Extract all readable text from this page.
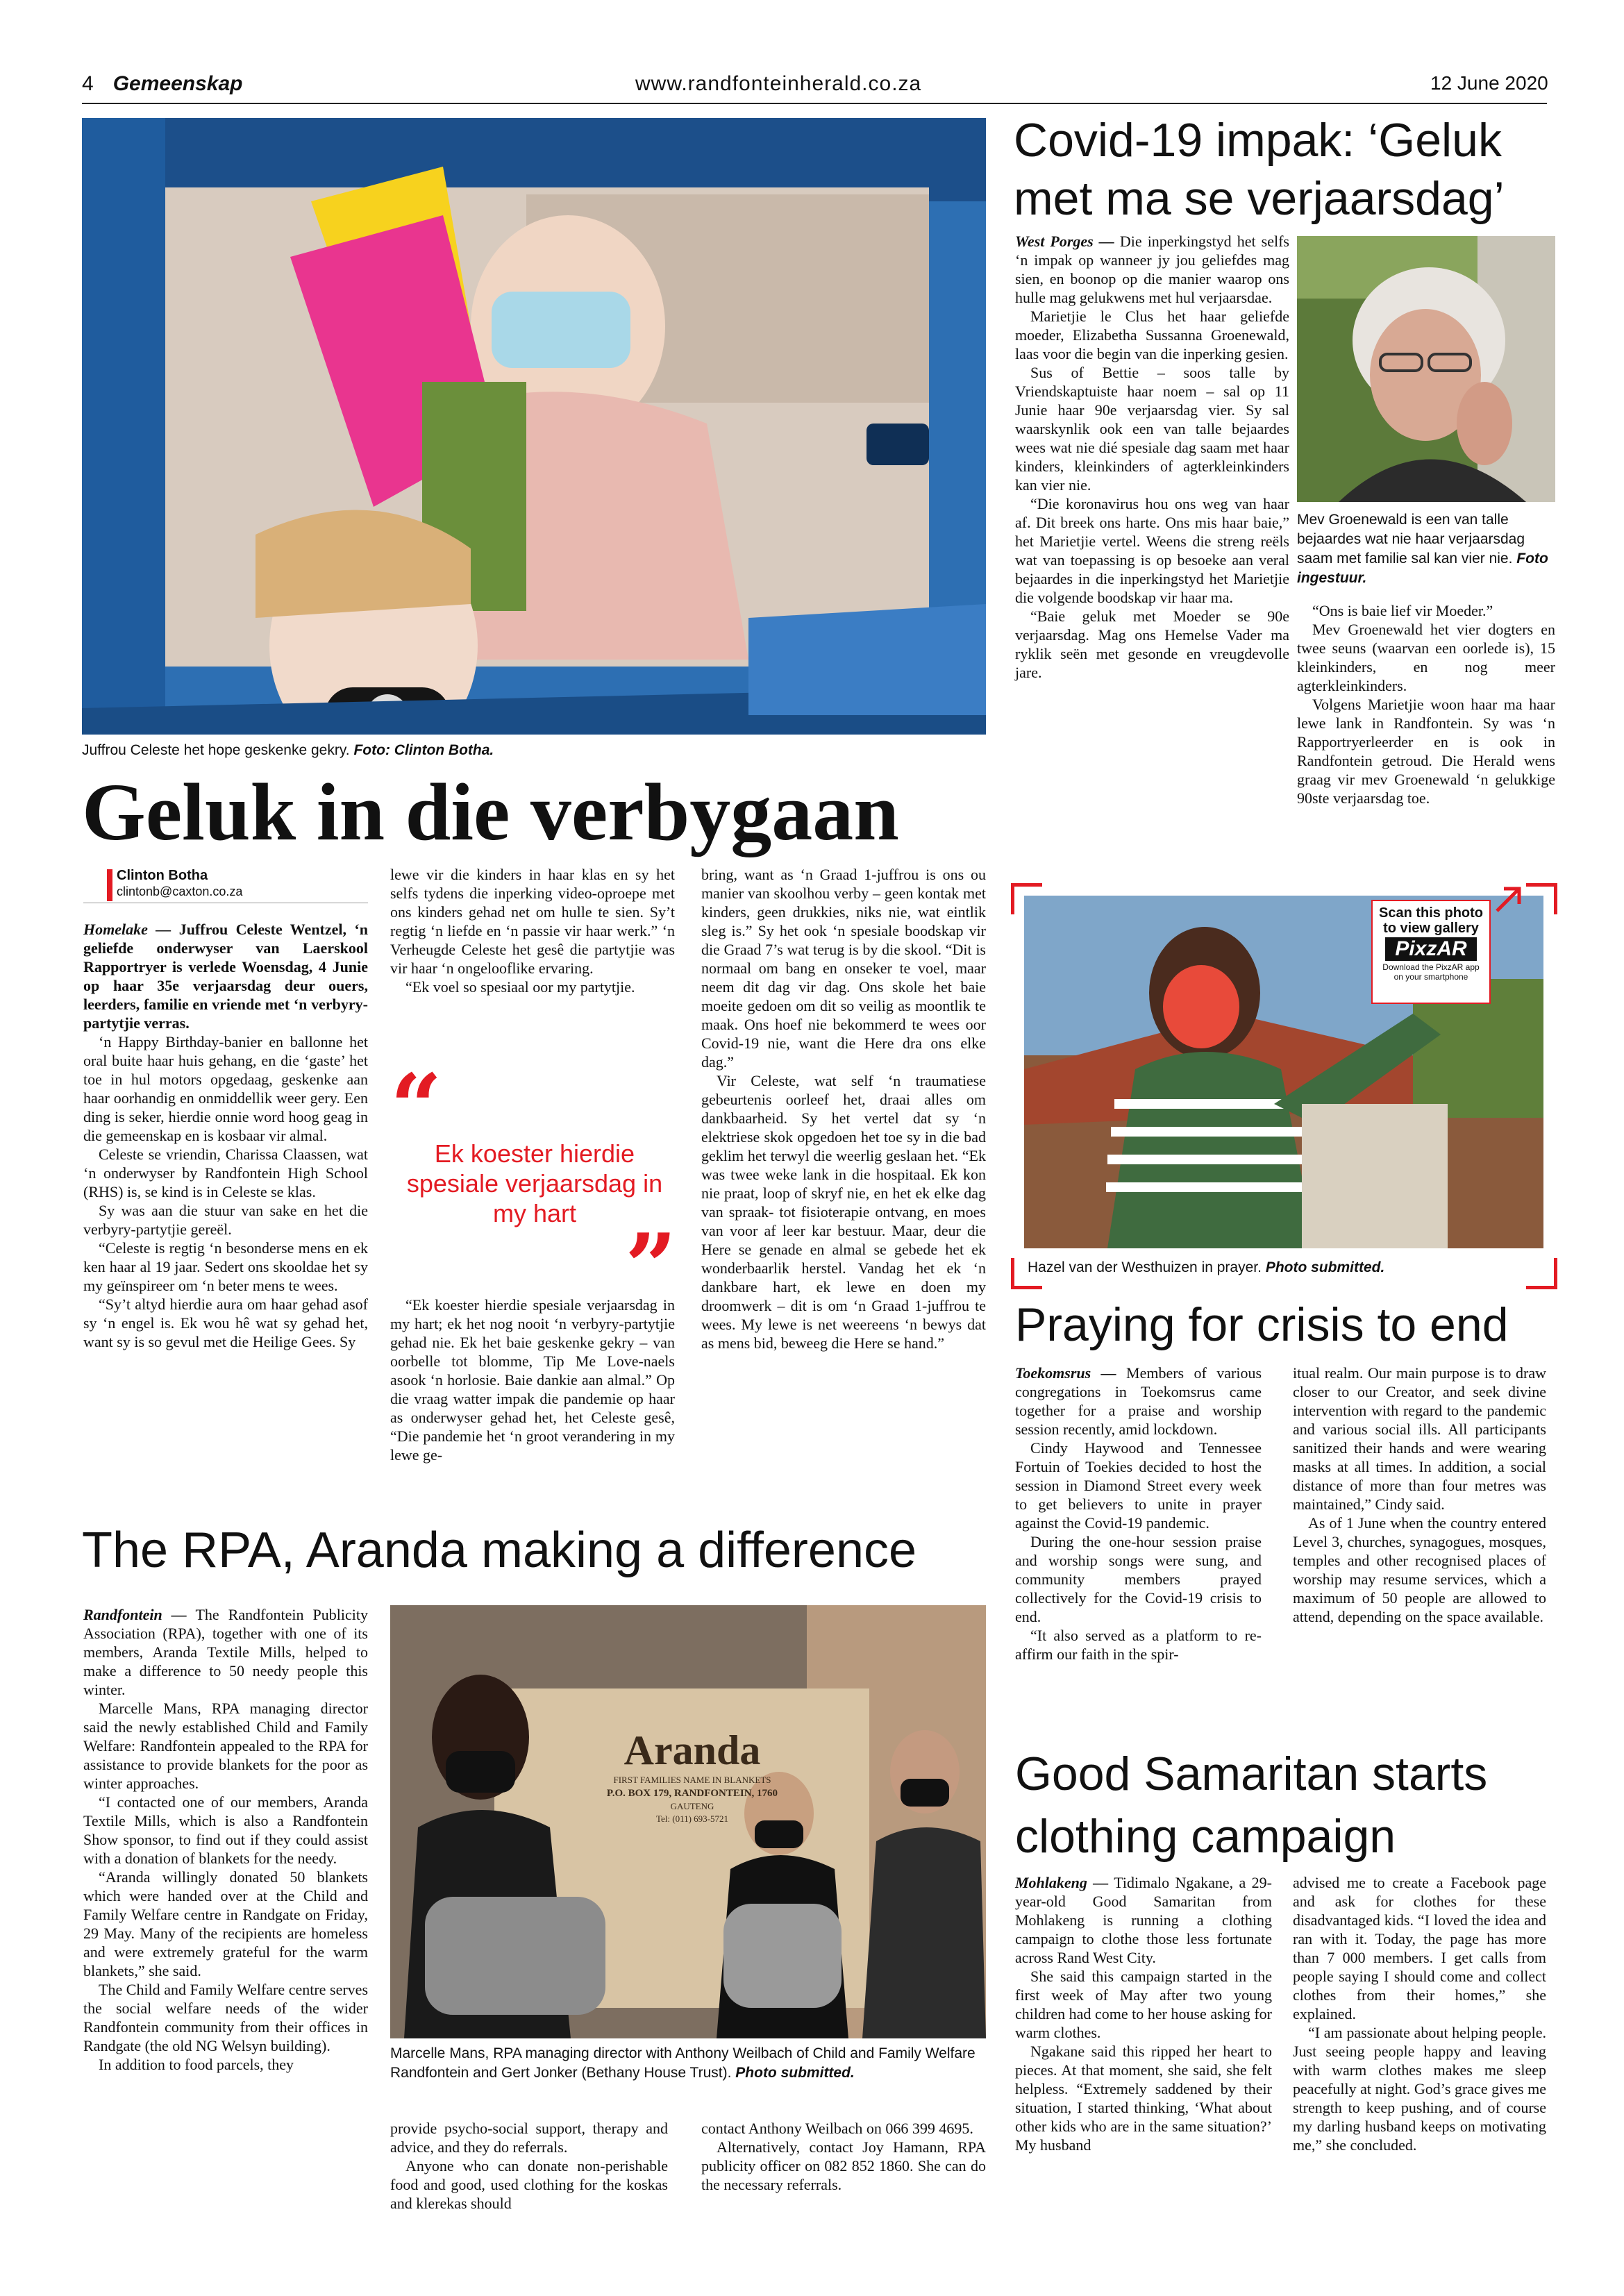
4 Gemeenskap	www.randfonteinherald.co.za	12 June 2020
Juffrou Celeste het hope geskenke gekry. Foto: Clinton Botha.
Geluk in die verbygaan
Clinton Botha
clintonb@caxton.co.za

Homelake — Juffrou Celeste Wentzel, ‘n geliefde onderwyser van Laerskool Rapportryer is verlede Woensdag, 4 Junie op haar 35e verjaarsdag deur ouers, leerders, familie en vriende met ‘n verbyry-partytjie verras.

‘n Happy Birthday-banier en ballonne het oral buite haar huis gehang, en die ‘gaste’ het toe in hul motors opgedaag, geskenke aan haar oorhandig en onmiddellik weer gery. Een ding is seker, hierdie onnie word hoog geag in die gemeenskap en is kosbaar vir almal.

Celeste se vriendin, Charissa Claassen, wat ‘n onderwyser by Randfontein High School (RHS) is, se kind is in Celeste se klas.

Sy was aan die stuur van sake en het die verbyry-partytjie gereël.

“Celeste is regtig ‘n besonderse mens en ek ken haar al 19 jaar. Sedert ons skooldae het sy my geïnspireer om ‘n beter mens te wees.

“Sy’t altyd hierdie aura om haar gehad asof sy ‘n engel is. Ek wou hê wat sy gehad het, want sy is so gevul met die Heilige Gees. Sy

lewe vir die kinders in haar klas en sy het selfs tydens die inperking video-oproepe met ons kinders gehad net om hulle te sien. Sy’t regtig ‘n liefde en ‘n passie vir haar werk.” ‘n Verheugde Celeste het gesê die partytjie was vir haar ‘n ongelooflike ervaring.

“Ek voel so spesiaal oor my partytjie.

“
Ek koester hierdie spesiale verjaarsdag in my hart
”

“Ek koester hierdie spesiale verjaarsdag in my hart; ek het nog nooit ‘n verbyry-partytjie gehad nie. Ek het baie geskenke gekry – van oorbelle tot blomme, Tip Me Love-naels asook ‘n horlosie. Baie dankie aan almal.” Op die vraag watter impak die pandemie op haar as onderwyser gehad het, het Celeste gesê, “Die pandemie het ‘n groot verandering in my lewe ge-

bring, want as ‘n Graad 1-juffrou is ons ou manier van skoolhou verby – geen kontak met kinders, geen drukkies, niks nie, wat eintlik sleg is.” Sy het ook ‘n spesiale boodskap vir die Graad 7’s wat terug is by die skool. “Dit is normaal om bang en onseker te voel, maar neem dit dag vir dag. Ons skole het baie moeite gedoen om dit so veilig as moontlik te maak. Ons hoef nie bekommerd te wees oor Covid-19 nie, want die Here dra ons elke dag.”

Vir Celeste, wat self ‘n traumatiese gebeurtenis oorleef het, draai alles om dankbaarheid. Sy het vertel dat sy ‘n elektriese skok opgedoen het toe sy in die bad geklim het terwyl die weerlig geslaan het. “Ek was twee weke lank in die hospitaal. Ek kon nie praat, loop of skryf nie, en het ek elke dag van spraak- tot fisioterapie ontvang, en moes van voor af leer kar bestuur. Maar, deur die Here se genade en almal se gebede het ek wonderbaarlik herstel. Vandag het ek ‘n dankbare hart, ek lewe en doen my droomwerk – dit is om ‘n Graad 1-juffrou te wees. My lewe is net weereens ‘n bewys dat as mens bid, beweeg die Here se hand.”

Covid-19 impak: ‘Geluk met ma se verjaarsdag’

West Porges — Die inperkingstyd het selfs ‘n impak op wanneer jy jou geliefdes mag sien, en boonop op die manier waarop ons hulle mag gelukwens met hul verjaarsdae.

Marietjie le Clus het haar geliefde moeder, Elizabetha Sussanna Groenewald, laas voor die begin van die inperking gesien.

Sus of Bettie – soos talle by Vriendskaptuiste haar noem – sal op 11 Junie haar 90e verjaarsdag vier. Sy sal waarskynlik ook een van talle bejaardes wees wat nie dié spesiale dag saam met haar kinders, kleinkinders of agterkleinkinders kan vier nie.

“Die koronavirus hou ons weg van haar af. Dit breek ons harte. Ons mis haar baie,” het Marietjie vertel. Weens die streng reëls wat van toepassing is op besoeke aan veral bejaardes in die inperkingstyd het Marietjie die volgende boodskap vir haar ma.

“Baie geluk met Moeder se 90e verjaarsdag. Mag ons Hemelse Vader ma ryklik seën met gesonde en vreugdevolle jare.

Mev Groenewald is een van talle bejaardes wat nie haar verjaarsdag saam met familie sal kan vier nie. Foto ingestuur.

“Ons is baie lief vir Moeder.”

Mev Groenewald het vier dogters en twee seuns (waarvan een oorlede is), 15 kleinkinders, en nog meer agterkleinkinders.

Volgens Marietjie woon haar ma haar lewe lank in Randfontein. Sy was ‘n Rapportryerleerder en is ook in Randfontein getroud. Die Herald wens graag vir mev Groenewald ‘n gelukkige 90ste verjaarsdag toe.

Scan this photo to view gallery
PixzAR
Download the PixzAR app on your smartphone
Hazel van der Westhuizen in prayer. Photo submitted.
Praying for crisis to end

Toekomsrus — Members of various congregations in Toekomsrus came together for a praise and worship session recently, amid lockdown.

Cindy Haywood and Tennessee Fortuin of Toekies decided to host the session in Diamond Street every week to get believers to unite in prayer against the Covid-19 pandemic.

During the one-hour session praise and worship songs were sung, and community members prayed collectively for the Covid-19 crisis to end.

“It also served as a platform to re-affirm our faith in the spir-

itual realm. Our main purpose is to draw closer to our Creator, and seek divine intervention with regard to the pandemic and various social ills. All participants sanitized their hands and were wearing masks at all times. In addition, a social distance of more than four metres was maintained,” Cindy said.

As of 1 June when the country entered Level 3, churches, synagogues, mosques, temples and other recognised places of worship may resume services, which a maximum of 50 people are allowed to attend, depending on the space available.

The RPA, Aranda making a difference

Randfontein — The Randfontein Publicity Association (RPA), together with one of its members, Aranda Textile Mills, helped to make a difference to 50 needy people this winter.

Marcelle Mans, RPA managing director said the newly established Child and Family Welfare: Randfontein appealed to the RPA for assistance to provide blankets for the poor as winter approaches.

“I contacted one of our members, Aranda Textile Mills, which is also a Randfontein Show sponsor, to find out if they could assist with a donation of blankets for the needy.

“Aranda willingly donated 50 blankets which were handed over at the Child and Family Welfare centre in Randgate on Friday, 29 May. Many of the recipients are homeless and were extremely grateful for the warm blankets,” she said.

The Child and Family Welfare centre serves the social welfare needs of the wider Randfontein community from their offices in Randgate (the old NG Welsyn building).

In addition to food parcels, they

Aranda
FIRST FAMILIES NAME IN BLANKETS
P.O. BOX 179, RANDFONTEIN, 1760
GAUTENG
Tel: (011) 693-5721
Marcelle Mans, RPA managing director with Anthony Weilbach of Child and Family Welfare Randfontein and Gert Jonker (Bethany House Trust). Photo submitted.

provide psycho-social support, therapy and advice, and they do referrals.

Anyone who can donate non-perishable food and good, used clothing for the koskas and klerekas should

contact Anthony Weilbach on 066 399 4695.

Alternatively, contact Joy Hamann, RPA publicity officer on 082 852 1860. She can do the necessary referrals.

Good Samaritan starts clothing campaign

Mohlakeng — Tidimalo Ngakane, a 29-year-old Good Samaritan from Mohlakeng is running a clothing campaign to clothe those less fortunate across Rand West City.

She said this campaign started in the first week of May after two young children had come to her house asking for warm clothes.

Ngakane said this ripped her heart to pieces. At that moment, she said, she felt helpless. “Extremely saddened by their situation, I started thinking, ‘What about other kids who are in the same situation?’ My husband

advised me to create a Facebook page and ask for clothes for these disadvantaged kids. “I loved the idea and ran with it. Today, the page has more than 7 000 members. I get calls from people saying I should come and collect clothes from their homes,” she explained.

“I am passionate about helping people. Just seeing people happy and leaving with warm clothes makes me sleep peacefully at night. God’s grace gives me strength to keep pushing, and of course my darling husband keeps on motivating me,” she concluded.
